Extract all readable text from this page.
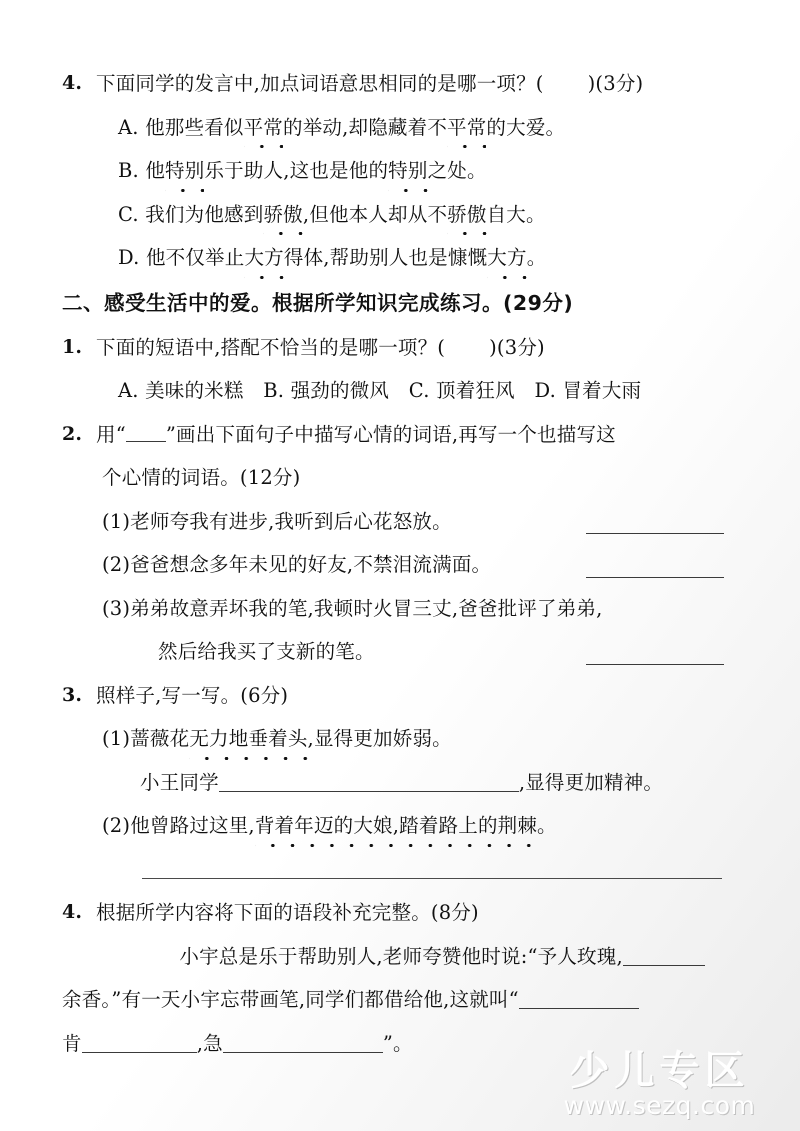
4. 下面同学的发言中,加点词语意思相同的是哪一项？( )(3分)
A. 他那些看似平常的举动,却隐藏着不平常的大爱。
B. 他特别乐于助人,这也是他的特别之处。
C. 我们为他感到骄傲,但他本人却从不骄傲自大。
D. 他不仅举止大方得体,帮助别人也是慷慨大方。
二、感受生活中的爱。根据所学知识完成练习。(29分)
1. 下面的短语中,搭配不恰当的是哪一项？( )(3分)
A. 美味的米糕　B. 强劲的微风　C. 顶着狂风　D. 冒着大雨
2. 用“ ”画出下面句子中描写心情的词语,再写一个也描写这
个心情的词语。(12分)
(1)老师夸我有进步,我听到后心花怒放。
(2)爸爸想念多年未见的好友,不禁泪流满面。
(3)弟弟故意弄坏我的笔,我顿时火冒三丈,爸爸批评了弟弟,
然后给我买了支新的笔。
3. 照样子,写一写。(6分)
(1)蔷薇花无力地垂着头,显得更加娇弱。
小王同学	,显得更加精神。
(2)他曾路过这里,背着年迈的大娘,踏着路上的荆棘。
4. 根据所学内容将下面的语段补充完整。(8分)
  小宇总是乐于帮助别人,老师夸赞他时说:“予人玫瑰,
余香。”有一天小宇忘带画笔,同学们都借给他,这就叫“
肯	,急	”。
少儿专区
www.sezq.com
